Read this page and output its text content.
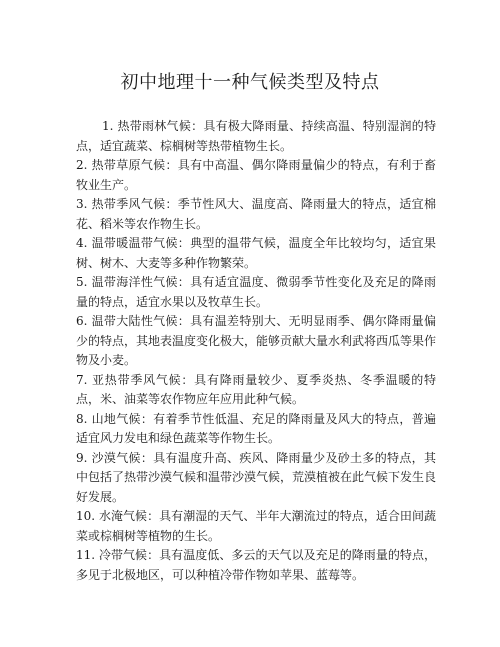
初中地理十一种气候类型及特点

1. 热带雨林气候：具有极大降雨量、持续高温、特别湿润的特点，适宜蔬菜、棕榈树等热带植物生长。

2. 热带草原气候：具有中高温、偶尔降雨量偏少的特点，有利于畜牧业生产。

3. 热带季风气候：季节性风大、温度高、降雨量大的特点，适宜棉花、稻米等农作物生长。

4. 温带暖温带气候：典型的温带气候，温度全年比较均匀，适宜果树、树木、大麦等多种作物繁荣。

5. 温带海洋性气候：具有适宜温度、微弱季节性变化及充足的降雨量的特点，适宜水果以及牧草生长。

6. 温带大陆性气候：具有温差特别大、无明显雨季、偶尔降雨量偏少的特点，其地表温度变化极大，能够贡献大量水利武将西瓜等果作物及小麦。

7. 亚热带季风气候：具有降雨量较少、夏季炎热、冬季温暖的特点，米、油菜等农作物应年应用此种气候。

8. 山地气候：有着季节性低温、充足的降雨量及风大的特点，普遍适宜风力发电和绿色蔬菜等作物生长。

9. 沙漠气候：具有温度升高、疾风、降雨量少及砂土多的特点，其中包括了热带沙漠气候和温带沙漠气候，荒漠植被在此气候下发生良好发展。

10. 水淹气候：具有潮湿的天气、半年大潮流过的特点，适合田间蔬菜或棕榈树等植物的生长。

11. 冷带气候：具有温度低、多云的天气以及充足的降雨量的特点，多见于北极地区，可以种植冷带作物如苹果、蓝莓等。
